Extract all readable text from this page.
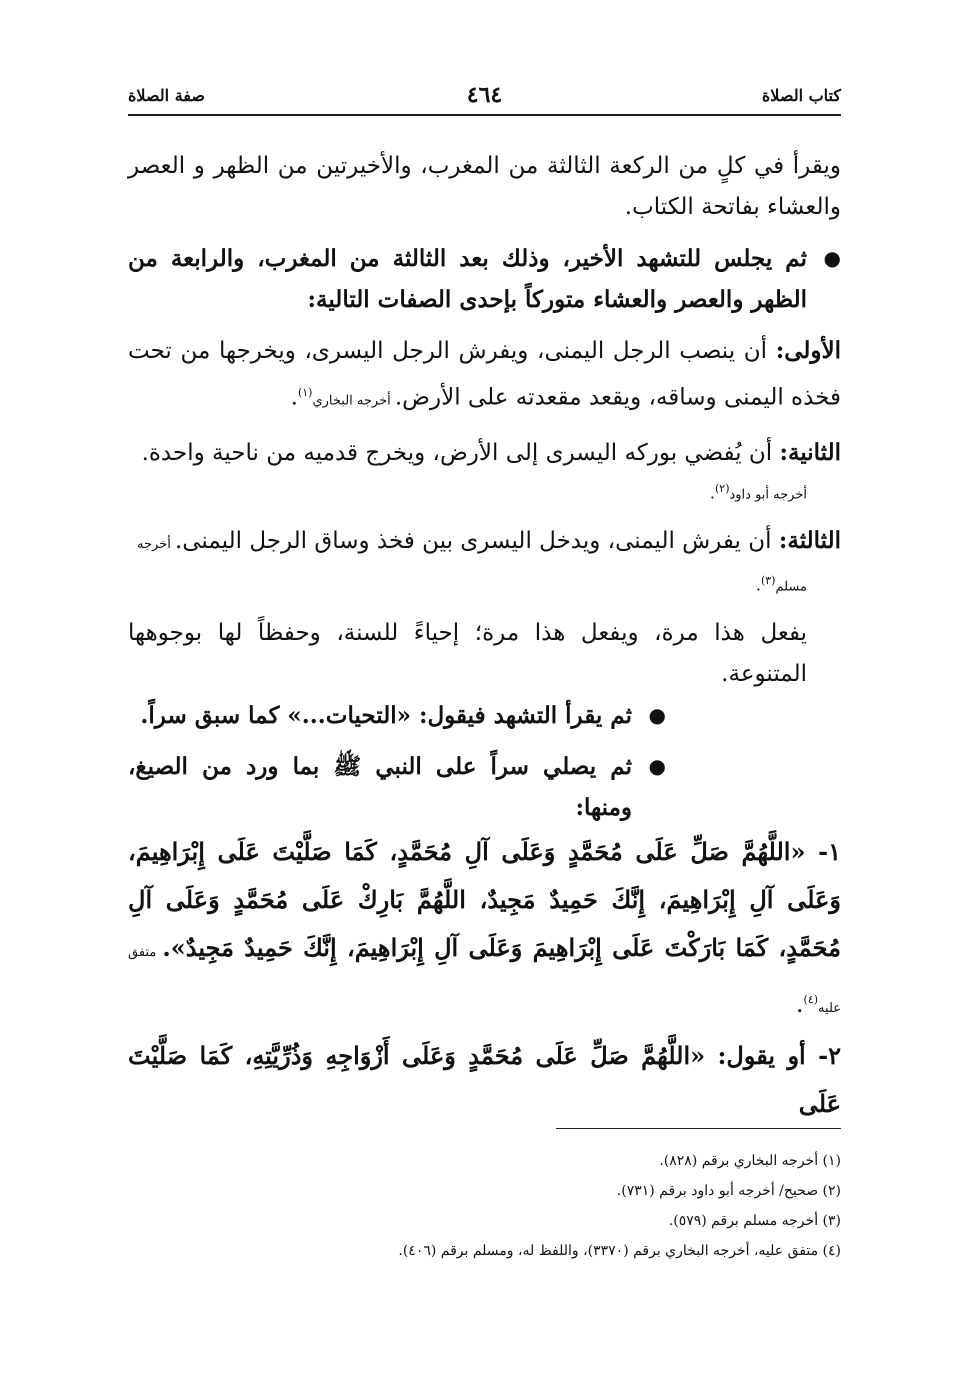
كتاب الصلاة
٤٦٤
صفة الصلاة

ويقرأ في كلٍ من الركعة الثالثة من المغرب، والأخيرتين من الظهر و العصر والعشاء بفاتحة الكتاب.

●

ثم يجلس للتشهد الأخير، وذلك بعد الثالثة من المغرب، والرابعة من الظهر والعصر والعشاء متوركاً بإحدى الصفات التالية:

الأولى: أن ينصب الرجل اليمنى، ويفرش الرجل اليسرى، ويخرجها من تحت فخذه اليمنى وساقه، ويقعد مقعدته على الأرض. أخرجه البخاري$^{(١)}$.

الثانية: أن يُفضي بوركه اليسرى إلى الأرض، ويخرج قدميه من ناحية واحدة.

أخرجه أبو داود$^{(٢)}$.

الثالثة: أن يفرش اليمنى، ويدخل اليسرى بين فخذ وساق الرجل اليمنى. أخرجه

مسلم$^{(٣)}$.

يفعل هذا مرة، ويفعل هذا مرة؛ إحياءً للسنة، وحفظاً لها بوجوهها المتنوعة.

●

ثم يقرأ التشهد فيقول: «التحيات...» كما سبق سراً.

●

ثم يصلي سراً على النبي ﷺ بما ورد من الصيغ، ومنها:

١- «اللَّهُمَّ صَلِّ عَلَى مُحَمَّدٍ وَعَلَى آلِ مُحَمَّدٍ، كَمَا صَلَّيْتَ عَلَى إِبْرَاهِيمَ، وَعَلَى آلِ إِبْرَاهِيمَ، إِنَّكَ حَمِيدٌ مَجِيدٌ، اللَّهُمَّ بَارِكْ عَلَى مُحَمَّدٍ وَعَلَى آلِ مُحَمَّدٍ، كَمَا بَارَكْتَ عَلَى إِبْرَاهِيمَ وَعَلَى آلِ إِبْرَاهِيمَ، إِنَّكَ حَمِيدٌ مَجِيدٌ». متفق عليه$^{(٤)}$.

٢- أو يقول: «اللَّهُمَّ صَلِّ عَلَى مُحَمَّدٍ وَعَلَى أَزْوَاجِهِ وَذُرِّيَّتِهِ، كَمَا صَلَّيْتَ عَلَى

(١) أخرجه البخاري برقم (٨٢٨).

(٢) صحيح/ أخرجه أبو داود برقم (٧٣١).

(٣) أخرجه مسلم برقم (٥٧٩).

(٤) متفق عليه، أخرجه البخاري برقم (٣٣٧٠)، واللفظ له، ومسلم برقم (٤٠٦).
